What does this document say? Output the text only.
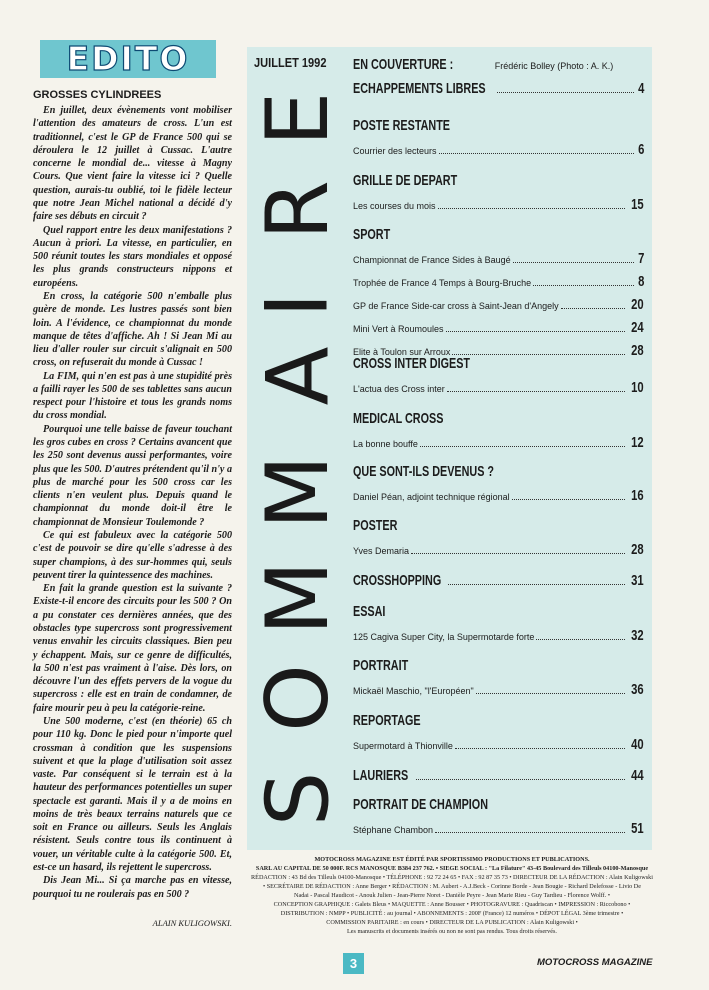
EDITO
GROSSES CYLINDREES

En juillet, deux évènements vont mobiliser l'attention des amateurs de cross. L'un est traditionnel, c'est le GP de France 500 qui se déroulera le 12 juillet à Cussac. L'autre concerne le mondial de... vitesse à Magny Cours. Que vient faire la vitesse ici ? Quelle question, aurais-tu oublié, toi le fidèle lecteur que notre Jean Michel national a décidé d'y faire ses débuts en circuit ?

Quel rapport entre les deux manifestations ? Aucun à priori. La vitesse, en particulier, en 500 réunit toutes les stars mondiales et opposé les plus grands constructeurs nippons et européens.

En cross, la catégorie 500 n'emballe plus guère de monde. Les lustres passés sont bien loin. A l'évidence, ce championnat du monde manque de têtes d'affiche. Ah ! Si Jean Mi au lieu d'aller rouler sur circuit s'alignait en 500 cross, on refuserait du monde à Cussac !

La FIM, qui n'en est pas à une stupidité près a failli rayer les 500 de ses tablettes sans aucun respect pour l'histoire et tous les grands noms du cross mondial.

Pourquoi une telle baisse de faveur touchant les gros cubes en cross ? Certains avancent que les 250 sont devenus aussi performantes, voire plus que les 500. D'autres prétendent qu'il n'y a plus de marché pour les 500 cross car les clients n'en veulent plus. Depuis quand le championnat du monde doit-il être le championnat de Monsieur Toulemonde ?

Ce qui est fabuleux avec la catégorie 500 c'est de pouvoir se dire qu'elle s'adresse à des super champions, à des sur-hommes qui, seuls peuvent tirer la quintessence des machines.

En fait la grande question est la suivante ? Existe-t-il encore des circuits pour les 500 ? On a pu constater ces dernières années, que des obstacles type supercross sont progressivement venus envahir les circuits classiques. Bien peu y échappent. Mais, sur ce genre de difficultés, la 500 n'est pas vraiment à l'aise. Dès lors, on découvre l'un des effets pervers de la vogue du supercross : elle est en train de condamner, de faire mourir peu à peu la catégorie-reine.

Une 500 moderne, c'est (en théorie) 65 ch pour 110 kg. Donc le pied pour n'importe quel crossman à condition que les suspensions suivent et que la plage d'utilisation soit assez vaste. Par conséquent si le terrain est à la hauteur des performances potentielles un super spectacle est garanti. Mais il y a de moins en moins de très beaux terrains naturels que ce soit en France ou ailleurs. Seuls les Anglais résistent. Seuls contre tous ils continuent à vouer, un véritable culte à la catégorie 500. Et, est-ce un hasard, ils rejettent le supercross.

Dis Jean Mi... Si ça marche pas en vitesse, pourquoi tu ne roulerais pas en 500 ?

ALAIN KULIGOWSKI.
JUILLET 1992
E
R
I
A
M
M
O
S
EN COUVERTURE :	Frédéric Bolley (Photo : A. K.)
ECHAPPEMENTS LIBRES	4
POSTE RESTANTE
Courrier des lecteurs	6
GRILLE DE DEPART
Les courses du mois	15
SPORT
Championnat de France Sides à Baugé	7
Trophée de France 4 Temps à Bourg-Bruche	8
GP de France Side-car cross à Saint-Jean d'Angely	20
Mini Vert à Roumoules	24
Elite à Toulon sur Arroux	28
CROSS INTER DIGEST
L'actua des Cross inter	10
MEDICAL CROSS
La bonne bouffe	12
QUE SONT-ILS DEVENUS ?
Daniel Péan, adjoint technique régional	16
POSTER
Yves Demaria	28
CROSSHOPPING	31
ESSAI
125 Cagiva Super City, la Supermotarde forte	32
PORTRAIT
Mickaël Maschio, "l'Européen"	36
REPORTAGE
Supermotard à Thionville	40
LAURIERS	44
PORTRAIT DE CHAMPION
Stéphane Chambon	51
MOTOCROSS MAGAZINE EST ÉDITÉ PAR SPORTISSIMO PRODUCTIONS ET PUBLICATIONS.
SARL AU CAPITAL DE 50 000F. RCS MANOSQUE B384 237 762. • SIEGE SOCIAL : "La Filature" 43-45 Boulevard des Tilleuls 04100-Manosque
RÉDACTION : 43 Bd des Tilleuls 04100-Manosque • TÉLÉPHONE : 92 72 24 65 • FAX : 92 87 35 73 • DIRECTEUR DE LA RÉDACTION : Alain Kuligowski
• SECRÉTAIRE DE RÉDACTION : Anne Berger • RÉDACTION : M. Aubert - A.J.Beck - Corinne Borde - Jean Bougie - Richard Delefosse - Livio De
Nadai - Pascal Haudicot - Anouk Julien - Jean-Pierre Noret - Danièle Peyre - Jean Marie Rieu - Guy Tardieu - Florence Wolff. •
CONCEPTION GRAPHIQUE : Galets Bleus • MAQUETTE : Anne Bousser • PHOTOGRAVURE : Quadriscan • IMPRESSION : Riccobono •
DISTRIBUTION : NMPP • PUBLICITÉ : au journal • ABONNEMENTS : 200F (France) 12 numéros • DÉPOT LÉGAL 3ème trimestre •
COMMISSION PARITAIRE : en cours • DIRECTEUR DE LA PUBLICATION : Alain Kuligowski •
Les manuscrits et documents insérés ou non ne sont pas rendus. Tous droits réservés.
3	MOTOCROSS MAGAZINE
